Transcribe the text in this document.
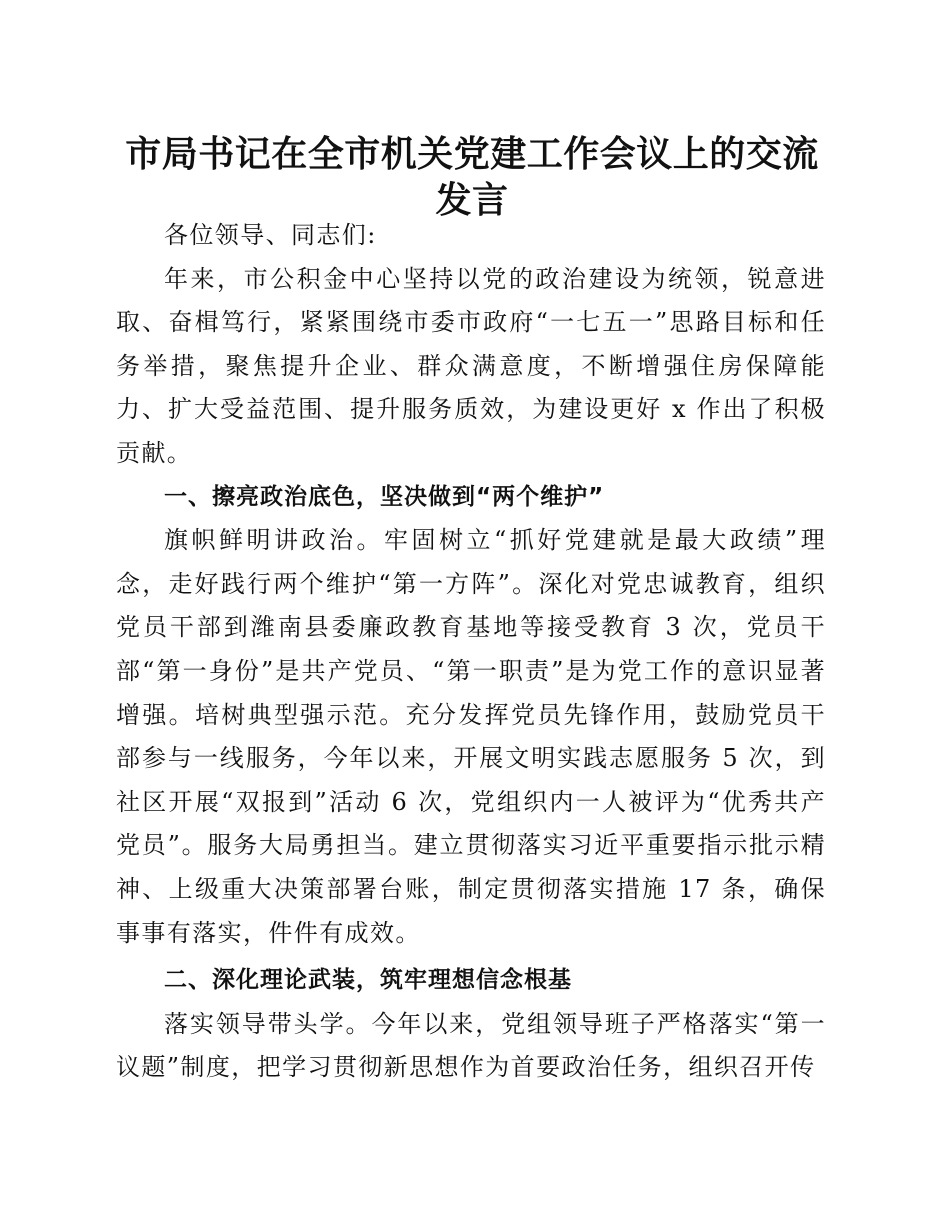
市局书记在全市机关党建工作会议上的交流发言

各位领导、同志们:

年来，市公积金中心坚持以党的政治建设为统领，锐意进取、奋楫笃行，紧紧围绕市委市政府“一七五一”思路目标和任务举措，聚焦提升企业、群众满意度，不断增强住房保障能力、扩大受益范围、提升服务质效，为建设更好 x 作出了积极贡献。

一、擦亮政治底色，坚决做到“两个维护”

旗帜鲜明讲政治。牢固树立“抓好党建就是最大政绩”理念，走好践行两个维护“第一方阵”。深化对党忠诚教育，组织党员干部到潍南县委廉政教育基地等接受教育 3 次，党员干部“第一身份”是共产党员、“第一职责”是为党工作的意识显著增强。培树典型强示范。充分发挥党员先锋作用，鼓励党员干部参与一线服务，今年以来，开展文明实践志愿服务 5 次，到社区开展“双报到”活动 6 次，党组织内一人被评为“优秀共产党员”。服务大局勇担当。建立贯彻落实习近平重要指示批示精神、上级重大决策部署台账，制定贯彻落实措施 17 条，确保事事有落实，件件有成效。

二、深化理论武装，筑牢理想信念根基

落实领导带头学。今年以来，党组领导班子严格落实“第一议题”制度，把学习贯彻新思想作为首要政治任务，组织召开传
